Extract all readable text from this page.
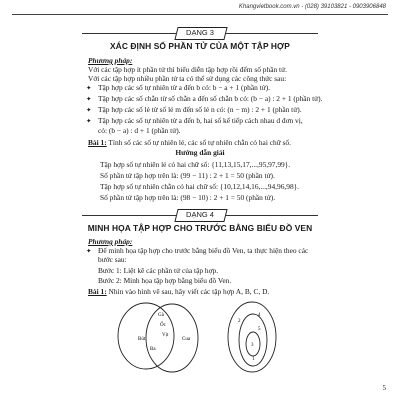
Khangvietbook.com.vn - (028) 39103821 - 0903906848
DẠNG 3
XÁC ĐỊNH SỐ PHẦN TỬ CỦA MỘT TẬP HỢP
Phương pháp:
Với các tập hợp ít phần tử thì biểu diễn tập hợp rồi đếm số phần tử.
Với các tập hợp nhiều phần tử ta có thể sử dụng các công thức sau:
✦ Tập hợp các số tự nhiên từ a đến b có: b − a + 1 (phần tử).
✦ Tập hợp các số chẵn từ số chẵn a đến số chẵn b có: (b − a) : 2 + 1 (phần tử).
✦ Tập hợp các số lẻ từ số lẻ m đến số lẻ n có: (n − m) : 2 + 1 (phần tử).
✦ Tập hợp các số tự nhiên từ a đến b, hai số kế tiếp cách nhau d đơn vị,
có: (b − a) : d + 1 (phần tử).
Bài 1: Tính số các số tự nhiên lẻ, các số tự nhiên chẵn có hai chữ số.
Hướng dẫn giải
Tập hợp số tự nhiên lẻ có hai chữ số: {11,13,15,17,...,95,97,99}.
Số phần tử tập hợp trên là: (99 − 11) : 2 + 1 = 50 (phần tử).
Tập hợp số tự nhiên chẵn có hai chữ số: {10,12,14,16,...,94,96,98}.
Số phần tử tập hợp trên là: (98 − 10) : 2 + 1 = 50 (phần tử).
DẠNG 4
MINH HỌA TẬP HỢP CHO TRƯỚC BẰNG BIỂU ĐỒ VEN
Phương pháp:
✦ Để minh họa tập hợp cho trước bằng biểu đồ Ven, ta thực hiện theo các
bước sau:
Bước 1: Liệt kê các phần tử của tập hợp.
Bước 2: Minh họa tập hợp bằng biểu đồ Ven.
Bài 1: Nhìn vào hình vẽ sau, hãy viết các tập hợp A, B, C, D.
Gà
Ốc
Vịt
Bút	Cua
Ba
2
4
5
3
1
5
